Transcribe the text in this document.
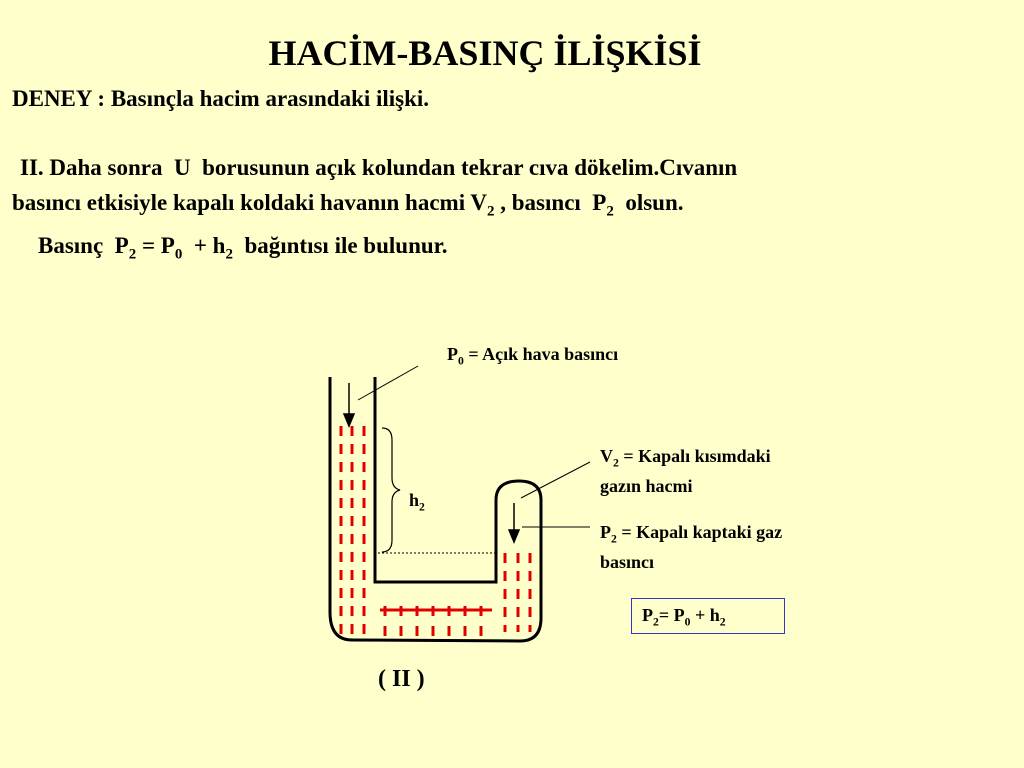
HACİM-BASINÇ İLİŞKİSİ
DENEY : Basınçla hacim arasındaki ilişki.
II. Daha sonra  U  borusunun açık kolundan tekrar cıva dökelim.Cıvanın
basıncı etkisiyle kapalı koldaki havanın hacmi $V_2$ , basıncı  $P_2$  olsun.
Basınç  $P_2 = P_0 + h_2$  bağıntısı ile bulunur.
$P_0$ = Açık hava basıncı
$V_2$ = Kapalı kısımdaki
gazın hacmi
$P_2$ = Kapalı kaptaki gaz
basıncı
$h_2$
$P_2= P_0 + h_2$
( II )
